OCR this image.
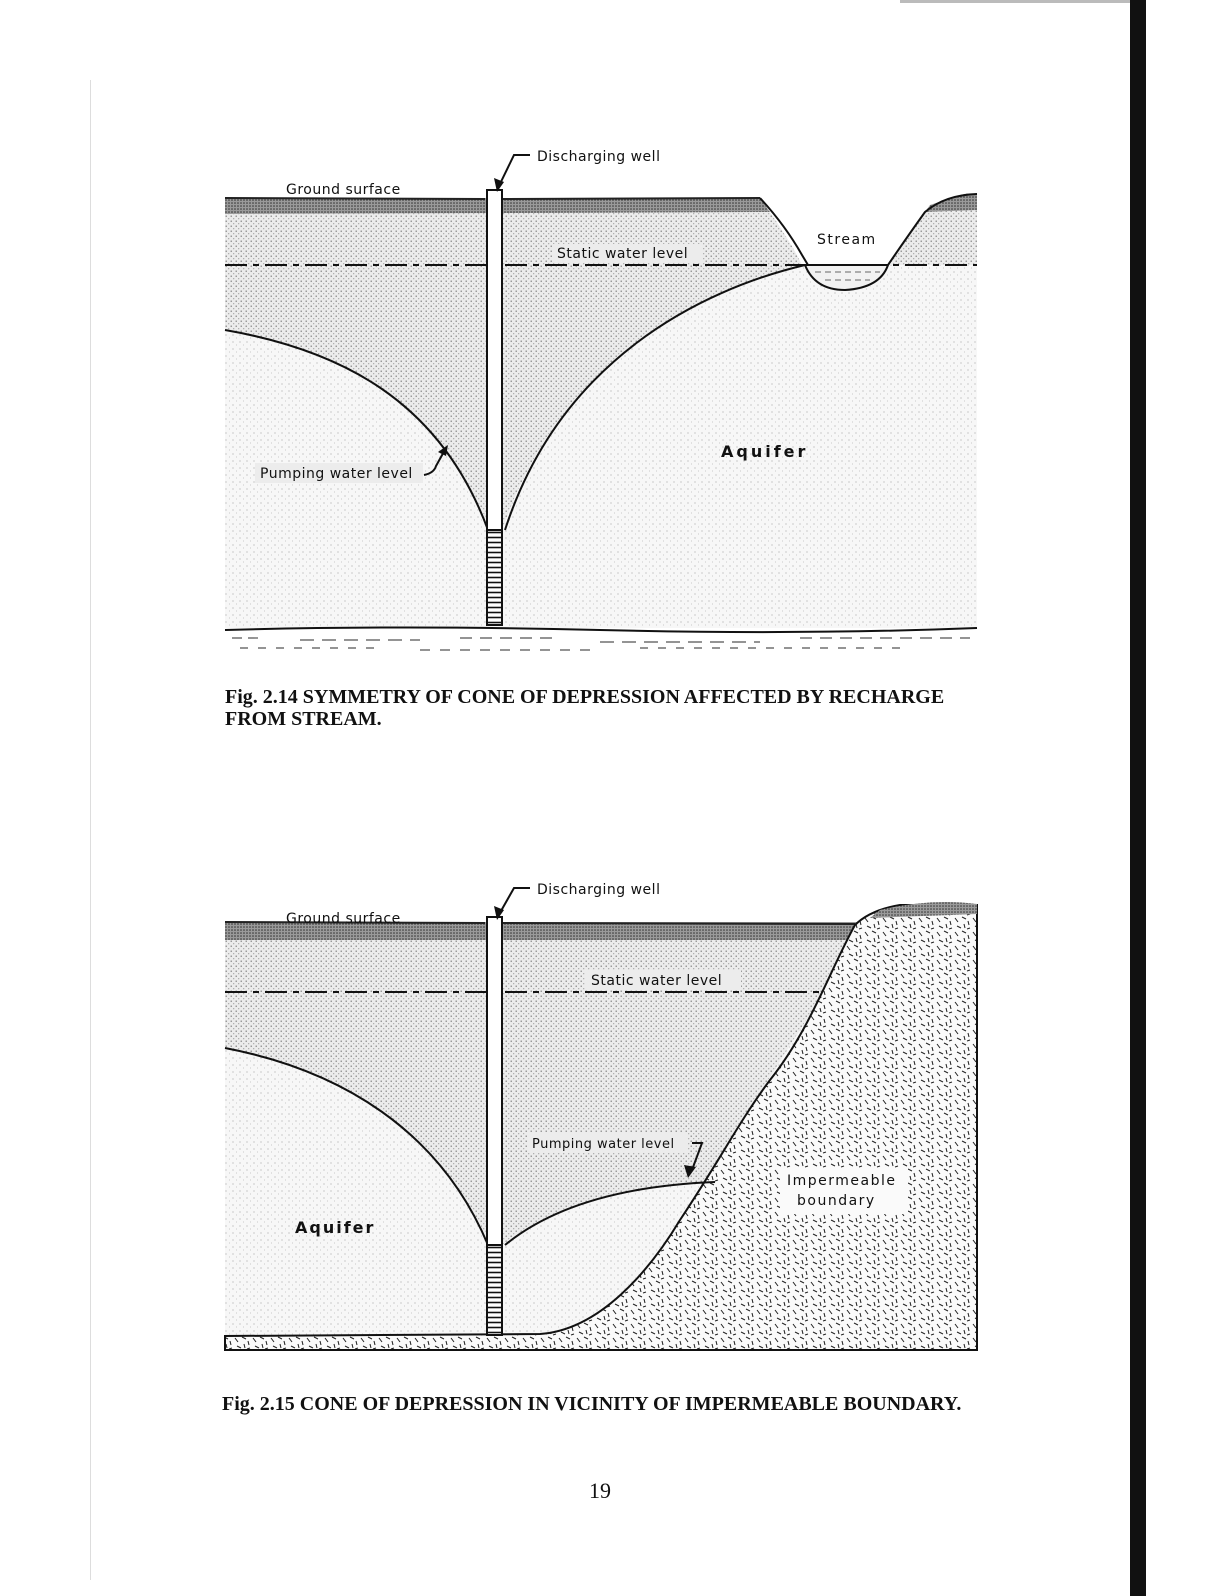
Discharging well
Ground surface
Static water level
Stream
Aquifer
Pumping water level
Fig. 2.14 SYMMETRY OF CONE OF DEPRESSION AFFECTED BY RECHARGE FROM STREAM.
Discharging well
Ground surface
Static water level
Pumping water level
Impermeable
boundary
Aquifer
Fig. 2.15 CONE OF DEPRESSION IN VICINITY OF IMPERMEABLE BOUNDARY.
19
